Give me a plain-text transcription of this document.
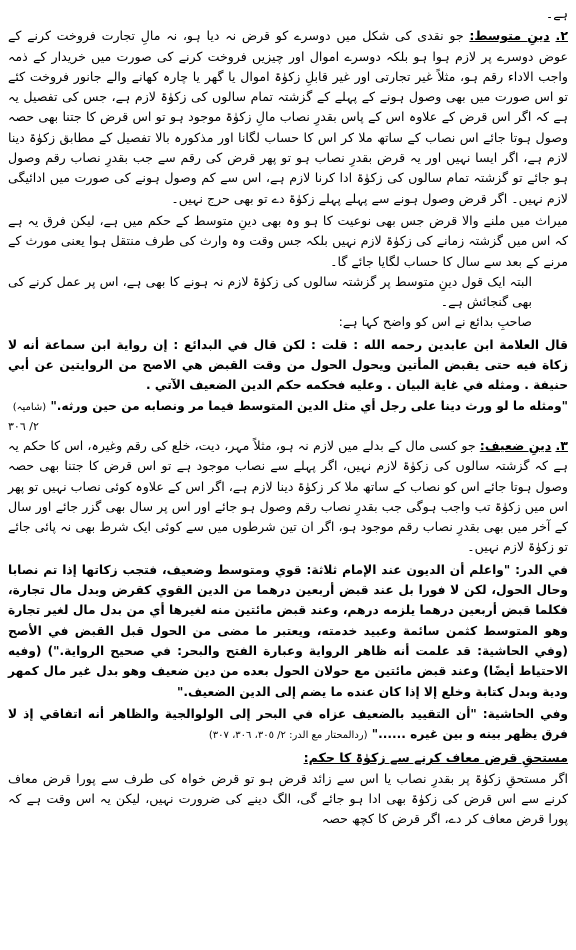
ہے۔

۲. دینِ متوسط: جو نقدی کی شکل میں دوسرے کو قرض نہ دیا ہو، نہ مالِ تجارت فروخت کرنے کے عوض دوسرے پر لازم ہوا ہو بلکہ دوسرے اموال اور چیزیں فروخت کرنے کی صورت میں خریدار کے ذمہ واجب الاداء رقم ہو، مثلاً غیر تجارتی اور غیر قابلِ زکوٰۃ اموال یا گھر یا چارہ کھانے والے جانور فروخت کئے تو اس صورت میں بھی وصول ہونے کے پہلے کے گزشتہ تمام سالوں کی زکوٰۃ لازم ہے، جس کی تفصیل یہ ہے کہ اگر اس قرض کے علاوہ اس کے پاس بقدرِ نصاب مالِ زکوٰۃ موجود ہو تو اس قرض کا جتنا بھی حصہ وصول ہوتا جائے اس نصاب کے ساتھ ملا کر اس کا حساب لگانا اور مذکورہ بالا تفصیل کے مطابق زکوٰۃ دینا لازم ہے، اگر ایسا نہیں اور یہ قرض بقدرِ نصاب ہو تو پھر قرض کی رقم سے جب بقدرِ نصاب رقم وصول ہو جائے تو گزشتہ تمام سالوں کی زکوٰۃ ادا کرنا لازم ہے، اس سے کم وصول ہونے کی صورت میں ادائیگی لازم نہیں۔ اگر قرض وصول ہونے سے پہلے پہلے زکوٰۃ دے تو بھی حرج نہیں۔

میراث میں ملنے والا قرض جس بھی نوعیت کا ہو وہ بھی دینِ متوسط کے حکم میں ہے، لیکن فرق یہ ہے کہ اس میں گزشتہ زمانے کی زکوٰۃ لازم نہیں بلکہ جس وقت وہ وارث کی طرف منتقل ہوا یعنی مورث کے مرنے کے بعد سے سال کا حساب لگایا جائے گا۔

البتہ ایک قول دینِ متوسط پر گزشتہ سالوں کی زکوٰۃ لازم نہ ہونے کا بھی ہے، اس پر عمل کرنے کی بھی گنجائش ہے۔

صاحبِ بدائع نے اس کو واضح کہا ہے:

قال العلامة ابن عابدين رحمه الله : قلت : لكن قال في البدائع : إن رواية ابن سماعة أنه لا زكاة فيه حتى يقبض المأتين ويحول الحول من وقت القبض هي الاصح من الروايتين عن أبي حنيفة . ومثله في غاية البيان . وعليه فحكمه حكم الدين الضعيف الآتي .

"ومثله ما لو ورث دينا على رجل أي مثل الدين المتوسط فيما مر ونصابه من حين ورثه." (شامیہ)

٢/ ٣٠٦

۳. دینِ ضعیف: جو کسی مال کے بدلے میں لازم نہ ہو، مثلاً مہر، دیت، خلع کی رقم وغیرہ، اس کا حکم یہ ہے کہ گزشتہ سالوں کی زکوٰۃ لازم نہیں، اگر پہلے سے نصاب موجود ہے تو اس قرض کا جتنا بھی حصہ وصول ہوتا جائے اس کو نصاب کے ساتھ ملا کر زکوٰۃ دینا لازم ہے، اگر اس کے علاوہ کوئی نصاب نہیں تو پھر اس میں زکوٰۃ تب واجب ہوگی جب بقدرِ نصاب رقم وصول ہو جائے اور اس پر سال بھی گزر جائے اور سال کے آخر میں بھی بقدرِ نصاب رقم موجود ہو، اگر ان تین شرطوں میں سے کوئی ایک شرط بھی نہ پائی جائے تو زکوٰۃ لازم نہیں۔

في الدر: "واعلم أن الديون عند الإمام ثلاثة: قوي ومتوسط وضعيف، فتجب زكاتها إذا تم نصابا وحال الحول، لكن لا فورا بل عند قبض أربعين درهما من الدين القوي كقرض وبدل مال تجارة، فكلما قبض أربعين درهما يلزمه درهم، وعند قبض مائتين منه لغيرها أي من بدل مال لغير تجارة وهو المتوسط كثمن سائمة وعبيد خدمته، ويعتبر ما مضى من الحول قبل القبض في الأصح (وفي الحاشية: قد علمت أنه ظاهر الرواية وعبارة الفتح والبحر: في صحيح الرواية.") (وفيه الاحتياط أيضًا) وعند قبض مائتين مع حولان الحول بعده من دين ضعيف وهو بدل غير مال كمهر ودية وبدل كتابة وخلع إلا إذا كان عنده ما يضم إلى الدين الضعيف."

وفي الحاشية: "أن التقييد بالضعيف عزاه في البحر إلى الولوالجية والظاهر أنه اتفاقي إذ لا فرق يظهر بينه و بين غيره ......" (ردالمحتار مع الدر: ٢/ ٣٠٥، ٣٠٦، ٣٠٧)

مستحقِ قرض معاف کرنے سے زکوٰۃ کا حکم:

اگر مستحقِ زکوٰۃ پر بقدرِ نصاب یا اس سے زائد قرض ہو تو قرض خواہ کی طرف سے پورا قرض معاف کرنے سے اس قرض کی زکوٰۃ بھی ادا ہو جائے گی، الگ دینے کی ضرورت نہیں، لیکن یہ اس وقت ہے کہ پورا قرض معاف کر دے، اگر قرض کا کچھ حصہ
